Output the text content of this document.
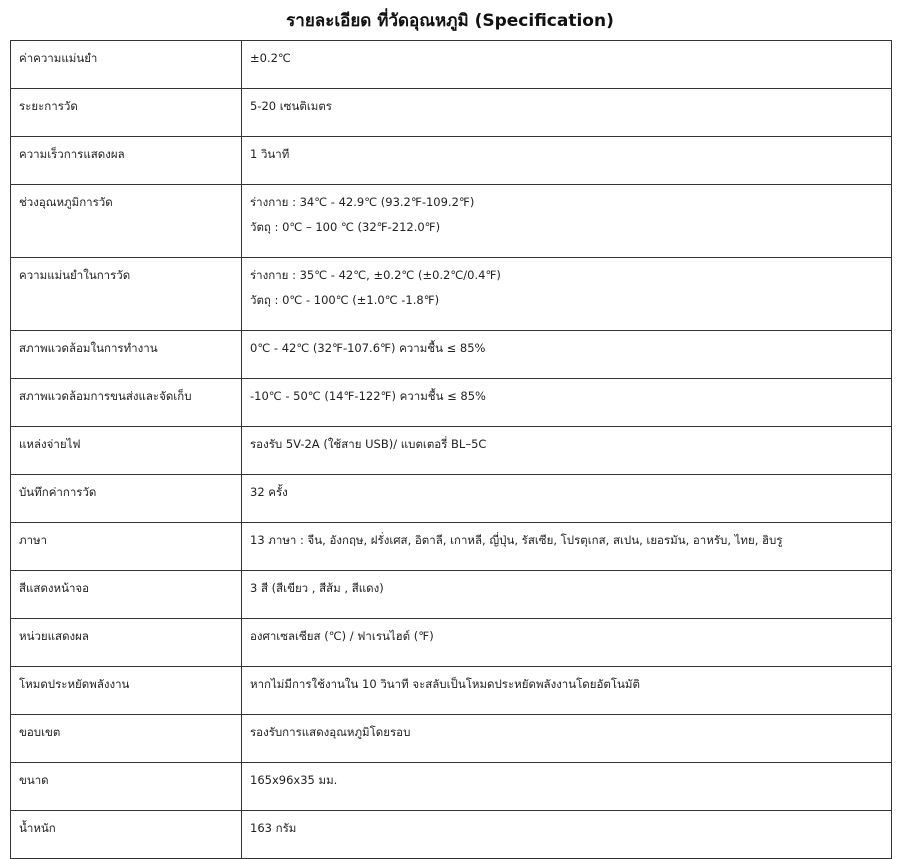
รายละเอียด ที่วัดอุณหภูมิ (Specification)
ค่าความแม่นยำ	±0.2℃

ระยะการวัด	5-20 เซนติเมตร

ความเร็วการแสดงผล	1 วินาที

ช่วงอุณหภูมิการวัด	ร่างกาย : 34℃ - 42.9℃ (93.2℉-109.2℉)
วัตถุ : 0℃ – 100 ℃ (32℉-212.0℉)

ความแม่นยำในการวัด	ร่างกาย : 35℃ - 42℃, ±0.2℃ (±0.2℃/0.4℉)
วัตถุ : 0℃ - 100℃ (±1.0℃ -1.8℉)

สภาพแวดล้อมในการทำงาน	0℃ - 42℃ (32℉-107.6℉) ความชื้น ≤ 85%

สภาพแวดล้อมการขนส่งและจัดเก็บ	-10℃ - 50℃ (14℉-122℉) ความชื้น ≤ 85%

แหล่งจ่ายไฟ	รองรับ 5V-2A (ใช้สาย USB)/ แบตเตอรี่ BL–5C

บันทึกค่าการวัด	32 ครั้ง

ภาษา	13 ภาษา : จีน, อังกฤษ, ฝรั่งเศส, อิตาลี, เกาหลี, ญี่ปุ่น, รัสเซีย, โปรตุเกส, สเปน, เยอรมัน, อาหรับ, ไทย, ฮิบรู

สีแสดงหน้าจอ	3 สี (สีเขียว , สีส้ม , สีแดง)

หน่วยแสดงผล	องศาเซลเซียส (℃) / ฟาเรนไฮต์ (℉)

โหมดประหยัดพลังงาน	หากไม่มีการใช้งานใน 10 วินาที จะสลับเป็นโหมดประหยัดพลังงานโดยอัตโนมัติ

ขอบเขต	รองรับการแสดงอุณหภูมิโดยรอบ

ขนาด	165x96x35 มม.

น้ำหนัก	163 กรัม
